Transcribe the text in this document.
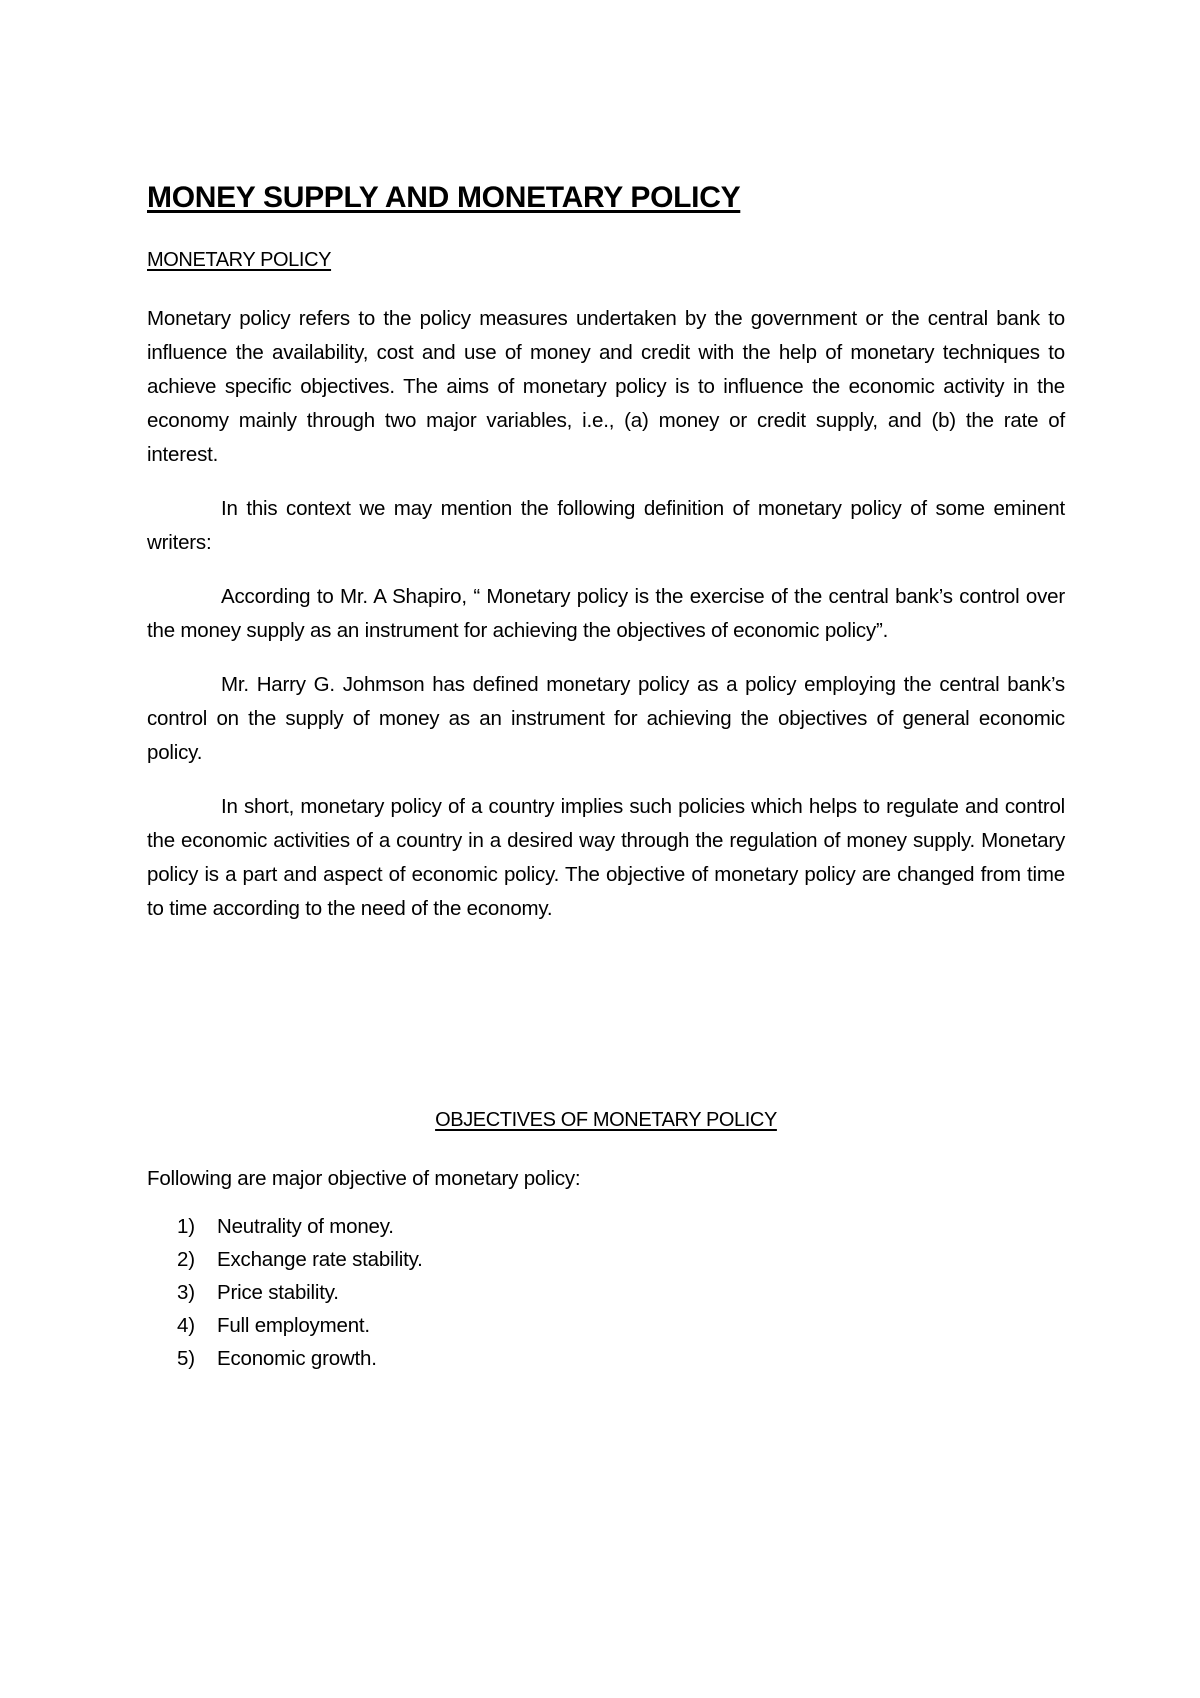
MONEY SUPPLY AND MONETARY POLICY
MONETARY POLICY

Monetary policy refers to the policy measures undertaken by the government or the central bank to influence the availability, cost and use of money and credit with the help of monetary techniques to achieve specific objectives. The aims of monetary policy is to influence the economic activity in the economy mainly through two major variables, i.e., (a) money or credit supply, and (b) the rate of interest.

In this context we may mention the following definition of monetary policy of some eminent writers:

According to Mr. A Shapiro, “ Monetary policy is the exercise of the central bank’s control over the money supply as an instrument for achieving the objectives of economic policy”.

Mr. Harry G. Johmson has defined monetary policy as a policy employing the central bank’s control on the supply of money as an instrument for achieving the objectives of general economic policy.

In short, monetary policy of a country implies such policies which helps to regulate and control the economic activities of a country in a desired way through the regulation of money supply. Monetary policy is a part and aspect of economic policy. The objective of monetary policy are changed from time to time according to the need of the economy.

OBJECTIVES OF MONETARY POLICY

Following are major objective of monetary policy:

1)	Neutrality of money.
2)	Exchange rate stability.
3)	Price stability.
4)	Full employment.
5)	Economic growth.
